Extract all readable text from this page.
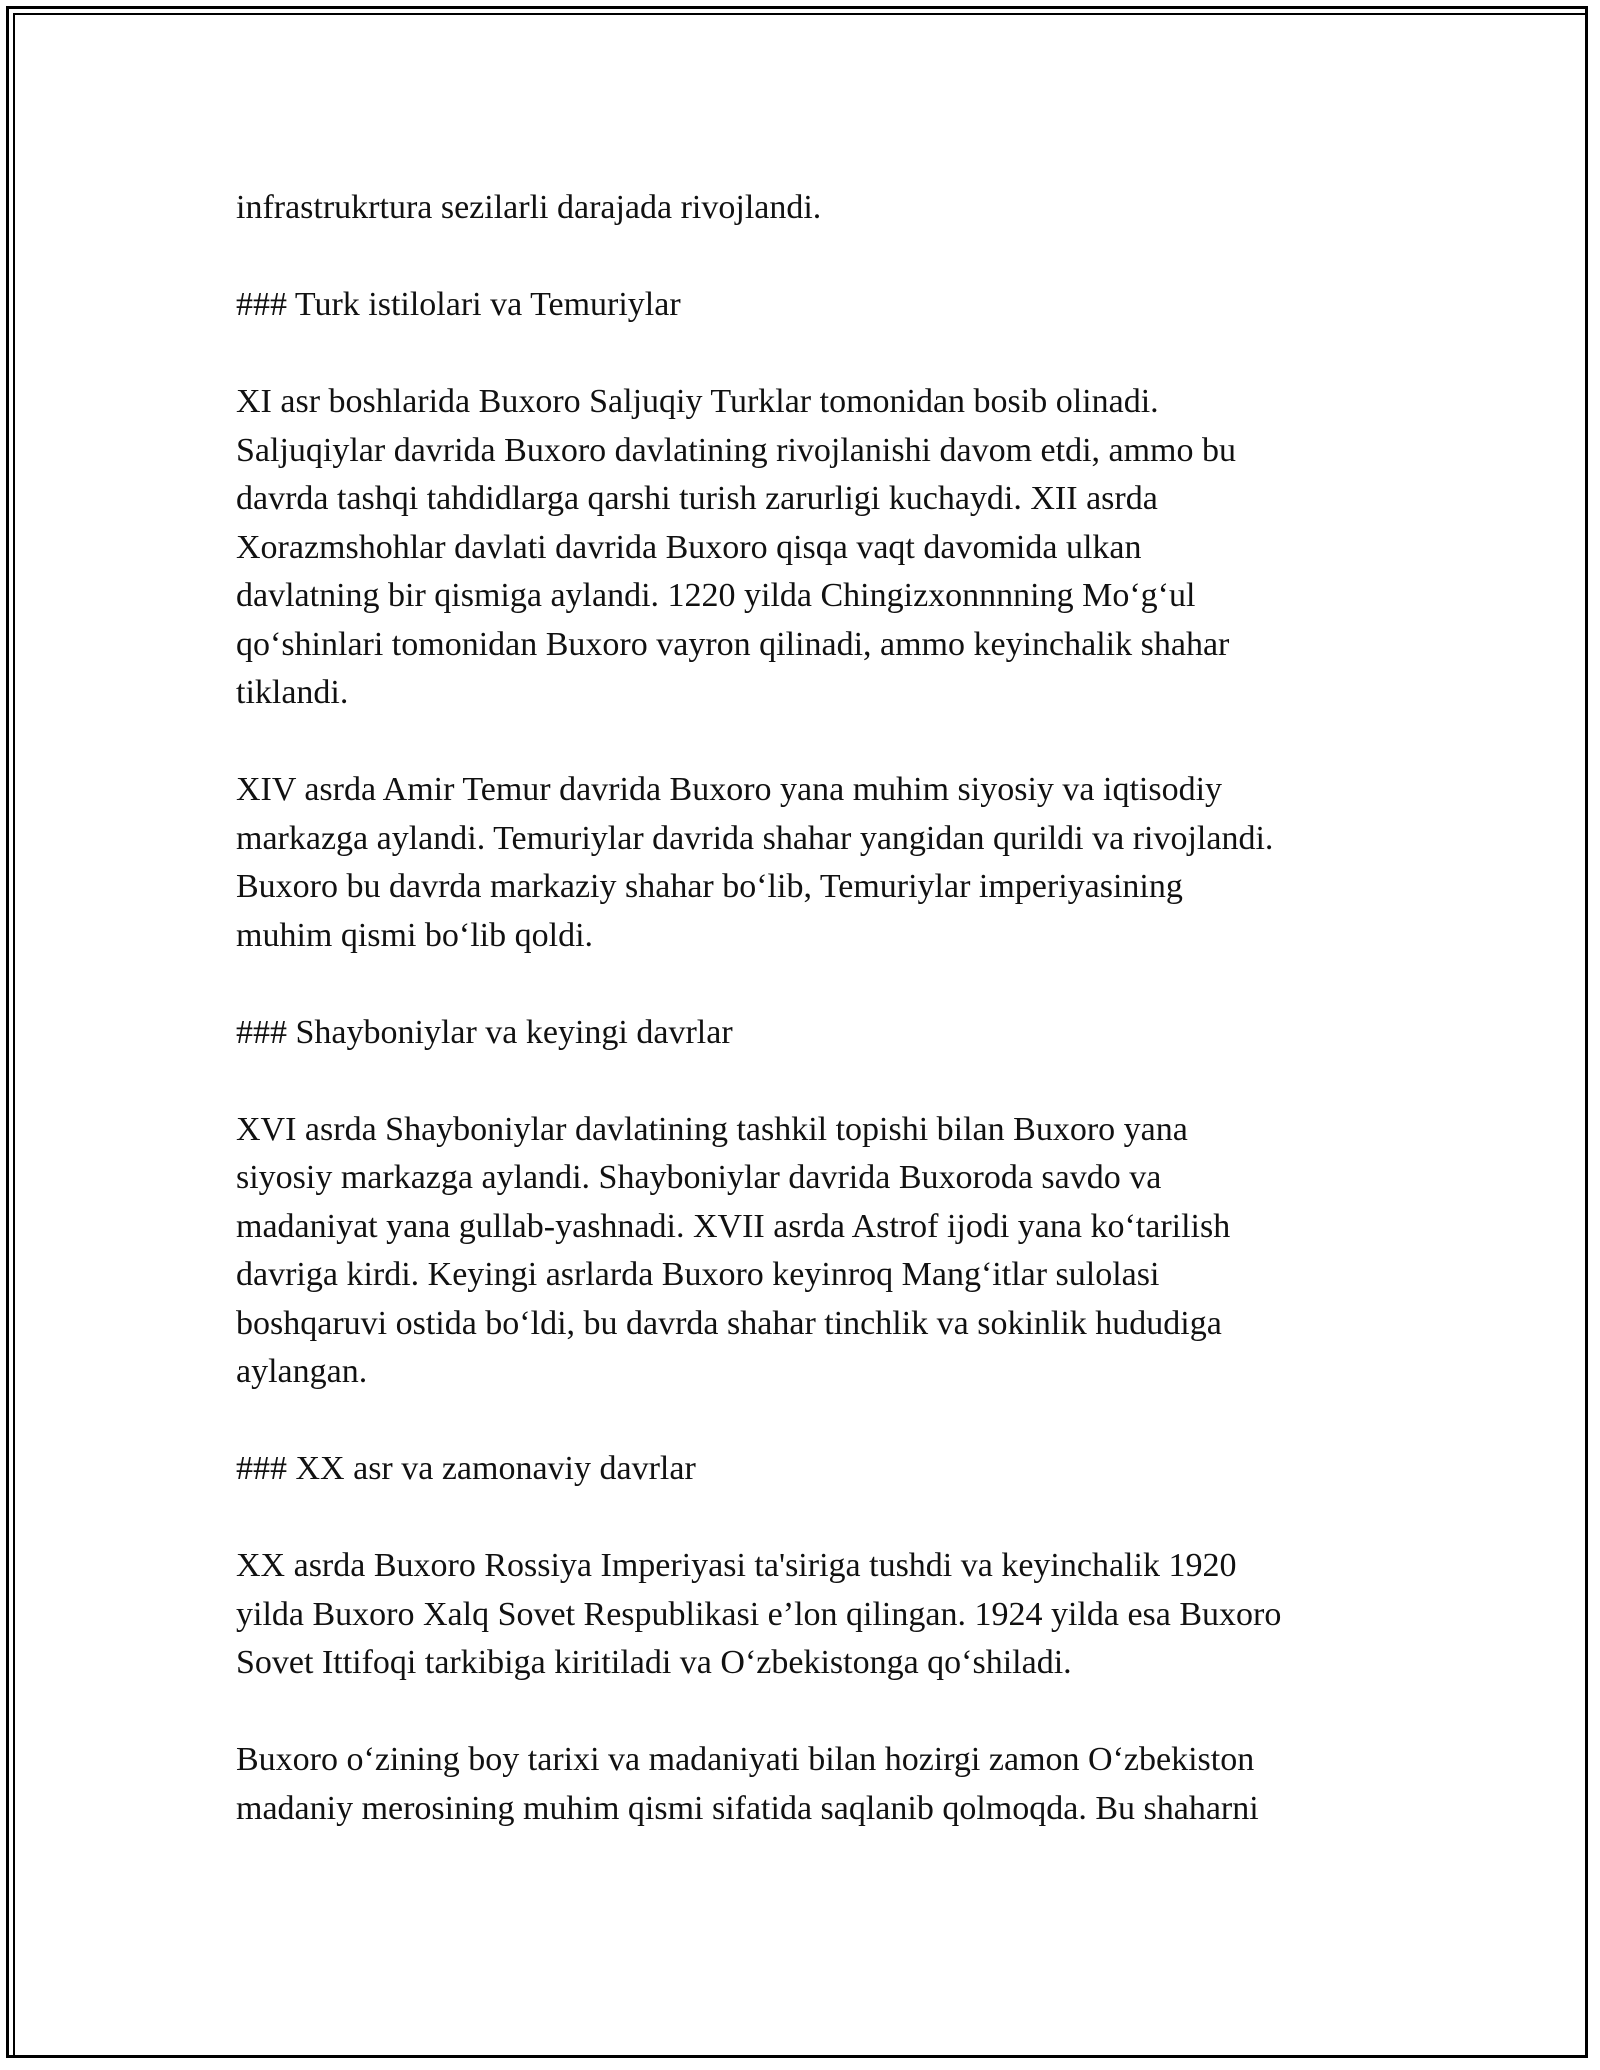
infrastrukrtura sezilarli darajada rivojlandi.
### Turk istilolari va Temuriylar
XI asr boshlarida Buxoro Saljuqiy Turklar tomonidan bosib olinadi.
Saljuqiylar davrida Buxoro davlatining rivojlanishi davom etdi, ammo bu
davrda tashqi tahdidlarga qarshi turish zarurligi kuchaydi. XII asrda
Xorazmshohlar davlati davrida Buxoro qisqa vaqt davomida ulkan
davlatning bir qismiga aylandi. 1220 yilda Chingizxonnnning Mo‘g‘ul
qo‘shinlari tomonidan Buxoro vayron qilinadi, ammo keyinchalik shahar
tiklandi.
XIV asrda Amir Temur davrida Buxoro yana muhim siyosiy va iqtisodiy
markazga aylandi. Temuriylar davrida shahar yangidan qurildi va rivojlandi.
Buxoro bu davrda markaziy shahar bo‘lib, Temuriylar imperiyasining
muhim qismi bo‘lib qoldi.
### Shayboniylar va keyingi davrlar
XVI asrda Shayboniylar davlatining tashkil topishi bilan Buxoro yana
siyosiy markazga aylandi. Shayboniylar davrida Buxoroda savdo va
madaniyat yana gullab-yashnadi. XVII asrda Astrof ijodi yana ko‘tarilish
davriga kirdi. Keyingi asrlarda Buxoro keyinroq Mang‘itlar sulolasi
boshqaruvi ostida bo‘ldi, bu davrda shahar tinchlik va sokinlik hududiga
aylangan.
### XX asr va zamonaviy davrlar
XX asrda Buxoro Rossiya Imperiyasi ta'siriga tushdi va keyinchalik 1920
yilda Buxoro Xalq Sovet Respublikasi e’lon qilingan. 1924 yilda esa Buxoro
Sovet Ittifoqi tarkibiga kiritiladi va O‘zbekistonga qo‘shiladi.
Buxoro o‘zining boy tarixi va madaniyati bilan hozirgi zamon O‘zbekiston
madaniy merosining muhim qismi sifatida saqlanib qolmoqda. Bu shaharni
